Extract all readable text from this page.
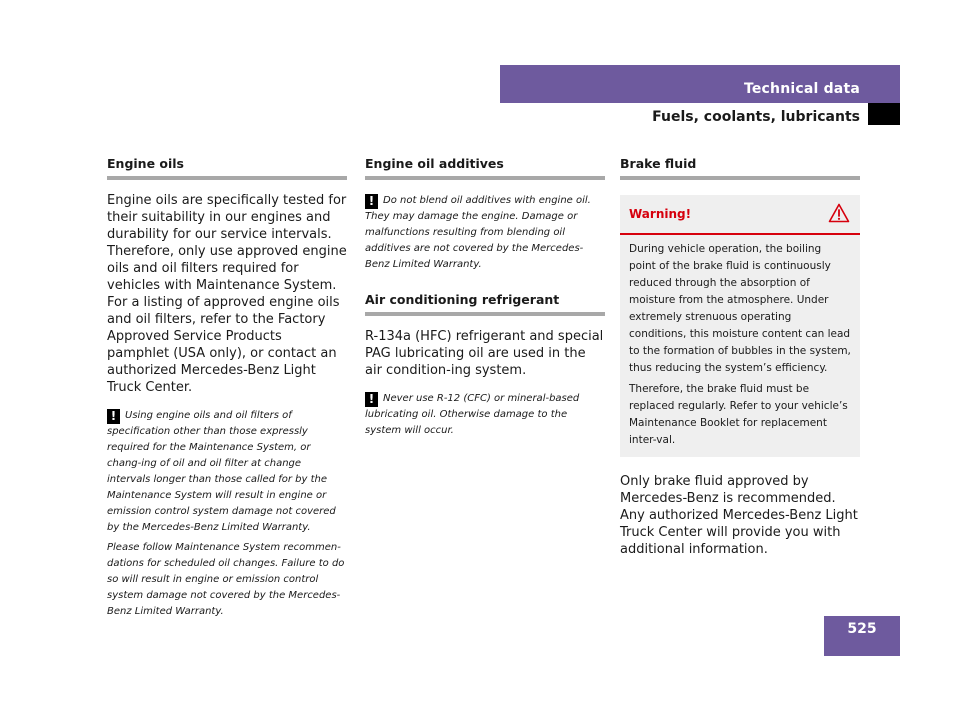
Technical data
Fuels, coolants, lubricants
Engine oils

Engine oils are specifically tested for their suitability in our engines and durability for our service intervals. Therefore, only use approved engine oils and oil filters required for vehicles with Maintenance System. For a listing of approved engine oils and oil filters, refer to the Factory Approved Service Products pamphlet (USA only), or contact an authorized Mercedes-Benz Light Truck Center.

! Using engine oils and oil filters of specification other than those expressly required for the Maintenance System, or chang-ing of oil and oil filter at change intervals longer than those called for by the Maintenance System will result in engine or emission control system damage not covered by the Mercedes-Benz Limited Warranty.

Please follow Maintenance System recommen-dations for scheduled oil changes. Failure to do so will result in engine or emission control system damage not covered by the Mercedes-Benz Limited Warranty.

Engine oil additives

! Do not blend oil additives with engine oil. They may damage the engine. Damage or malfunctions resulting from blending oil additives are not covered by the Mercedes-Benz Limited Warranty.

Air conditioning refrigerant

R-134a (HFC) refrigerant and special PAG lubricating oil are used in the air condition-ing system.

! Never use R-12 (CFC) or mineral-based lubricating oil. Otherwise damage to the system will occur.

Brake fluid
Warning!

During vehicle operation, the boiling point of the brake fluid is continuously reduced through the absorption of moisture from the atmosphere. Under extremely strenuous operating conditions, this moisture content can lead to the formation of bubbles in the system, thus reducing the system’s efficiency.

Therefore, the brake fluid must be replaced regularly. Refer to your vehicle’s Maintenance Booklet for replacement inter-val.

Only brake fluid approved by Mercedes-Benz is recommended. Any authorized Mercedes-Benz Light Truck Center will provide you with additional information.

525
